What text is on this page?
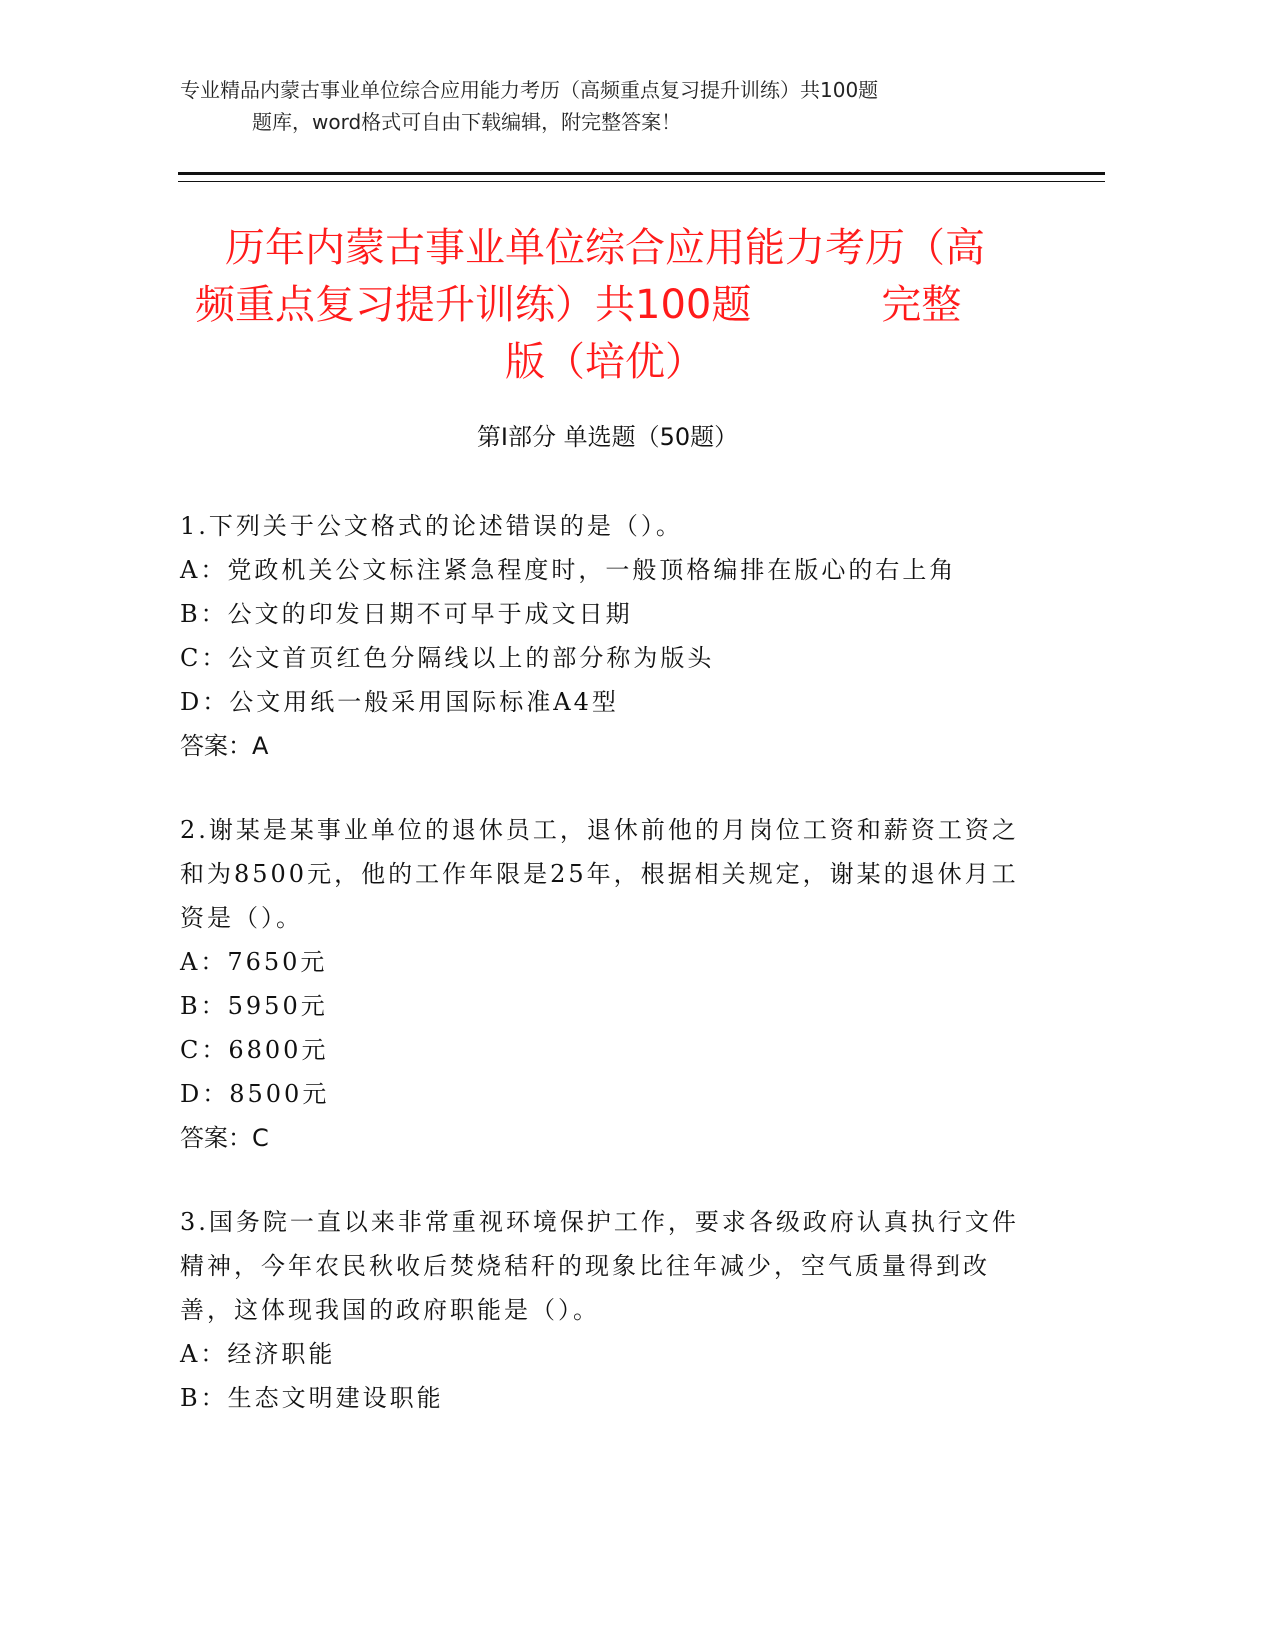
专业精品内蒙古事业单位综合应用能力考历（高频重点复习提升训练）共100题
题库，word格式可自由下载编辑，附完整答案！
历年内蒙古事业单位综合应用能力考历（高
频重点复习提升训练）共100题	完整
版（培优）
第I部分 单选题（50题）
1.下列关于公文格式的论述错误的是（）。
A：党政机关公文标注紧急程度时，一般顶格编排在版心的右上角
B：公文的印发日期不可早于成文日期
C：公文首页红色分隔线以上的部分称为版头
D：公文用纸一般采用国际标准A4型
答案：A
2.谢某是某事业单位的退休员工，退休前他的月岗位工资和薪资工资之和为8500元，他的工作年限是25年，根据相关规定，谢某的退休月工资是（）。
A：7650元
B：5950元
C：6800元
D：8500元
答案：C
3.国务院一直以来非常重视环境保护工作，要求各级政府认真执行文件精神，今年农民秋收后焚烧秸秆的现象比往年减少，空气质量得到改善，这体现我国的政府职能是（）。
A：经济职能
B：生态文明建设职能
